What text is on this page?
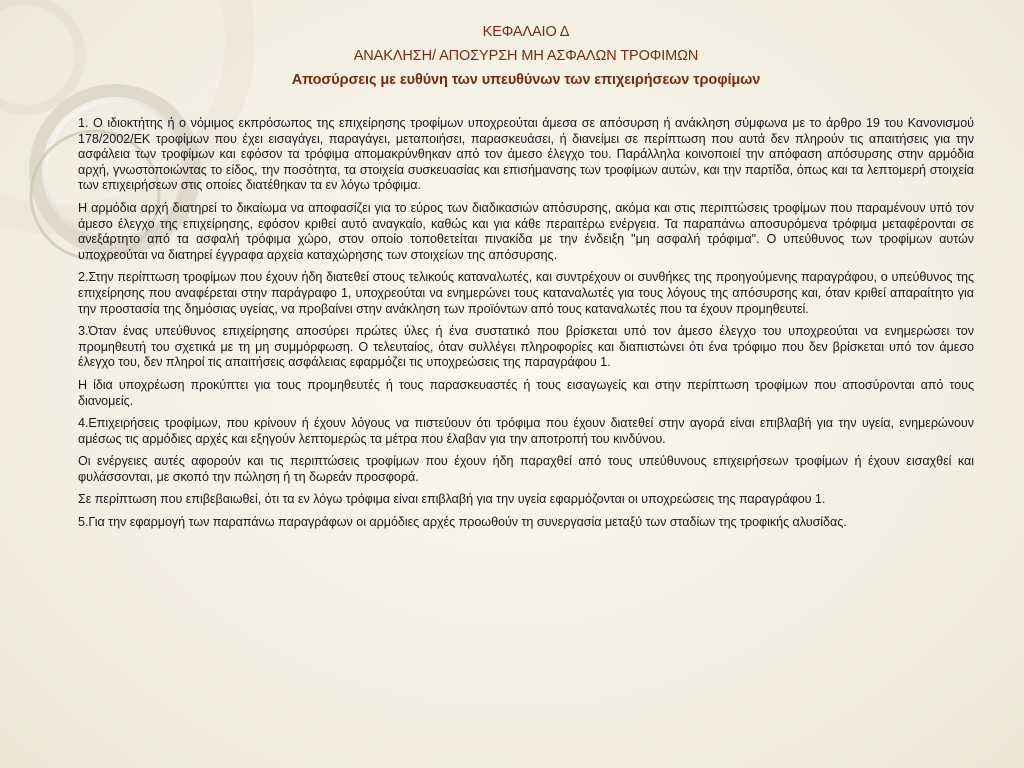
ΚΕΦΑΛΑΙΟ Δ
ΑΝΑΚΛΗΣΗ/ ΑΠΟΣΥΡΣΗ ΜΗ ΑΣΦΑΛΩΝ ΤΡΟΦΙΜΩΝ
Αποσύρσεις με ευθύνη των υπευθύνων των επιχειρήσεων τροφίμων

1. Ο ιδιοκτήτης ή ο νόμιμος εκπρόσωπος της επιχείρησης τροφίμων υποχρεούται άμεσα σε απόσυρση ή ανάκληση σύμφωνα με το άρθρο 19 του Κανονισμού 178/2002/ΕΚ τροφίμων που έχει εισαγάγει, παραγάγει, μεταποιήσει, παρασκευάσει, ή διανείμει σε περίπτωση που αυτά δεν πληρούν τις απαιτήσεις για την ασφάλεια των τροφίμων και εφόσον τα τρόφιμα απομακρύνθηκαν από τον άμεσο έλεγχο του. Παράλληλα κοινοποιεί την απόφαση απόσυρσης στην αρμόδια αρχή, γνωστοποιώντας το είδος, την ποσότητα, τα στοιχεία συσκευασίας και επισήμανσης των τροφίμων αυτών, και την παρτίδα, όπως και τα λεπτομερή στοιχεία των επιχειρήσεων στις οποίες διατέθηκαν τα εν λόγω τρόφιμα.

Η αρμόδια αρχή διατηρεί το δικαίωμα να αποφασίζει για το εύρος των διαδικασιών απόσυρσης, ακόμα και στις περιπτώσεις τροφίμων που παραμένουν υπό τον άμεσο έλεγχο της επιχείρησης, εφόσον κριθεί αυτό αναγκαίο, καθώς και για κάθε περαιτέρω ενέργεια. Τα παραπάνω αποσυρόμενα τρόφιμα μεταφέρονται σε ανεξάρτητο από τα ασφαλή τρόφιμα χώρο, στον οποίο τοποθετείται πινακίδα με την ένδειξη "μη ασφαλή τρόφιμα". Ο υπεύθυνος των τροφίμων αυτών υποχρεούται να διατηρεί έγγραφα αρχεία καταχώρησης των στοιχείων της απόσυρσης.

2.Στην περίπτωση τροφίμων που έχουν ήδη διατεθεί στους τελικούς καταναλωτές, και συντρέχουν οι συνθήκες της προηγούμενης παραγράφου, ο υπεύθυνος της επιχείρησης που αναφέρεται στην παράγραφο 1, υποχρεούται να ενημερώνει τους καταναλωτές για τους λόγους της απόσυρσης και, όταν κριθεί απαραίτητο για την προστασία της δημόσιας υγείας, να προβαίνει στην ανάκληση των προϊόντων από τους καταναλωτές που τα έχουν προμηθευτεί.

3.Όταν ένας υπεύθυνος επιχείρησης αποσύρει πρώτες ύλες ή ένα συστατικό που βρίσκεται υπό τον άμεσο έλεγχο του υποχρεούται να ενημερώσει τον προμηθευτή του σχετικά με τη μη συμμόρφωση. Ο τελευταίος, όταν συλλέγει πληροφορίες και διαπιστώνει ότι ένα τρόφιμο που δεν βρίσκεται υπό τον άμεσο έλεγχο του, δεν πληροί τις απαιτήσεις ασφάλειας εφαρμόζει τις υποχρεώσεις της παραγράφου 1.

Η ίδια υποχρέωση προκύπτει για τους προμηθευτές ή τους παρασκευαστές ή τους εισαγωγείς και στην περίπτωση τροφίμων που αποσύρονται από τους διανομείς.

4.Επιχειρήσεις τροφίμων, που κρίνουν ή έχουν λόγους να πιστεύουν ότι τρόφιμα που έχουν διατεθεί στην αγορά είναι επιβλαβή για την υγεία, ενημερώνουν αμέσως τις αρμόδιες αρχές και εξηγούν λεπτομερώς τα μέτρα που έλαβαν για την αποτροπή του κινδύνου.

Οι ενέργειες αυτές αφορούν και τις περιπτώσεις τροφίμων που έχουν ήδη παραχθεί από τους υπεύθυνους επιχειρήσεων τροφίμων ή έχουν εισαχθεί και φυλάσσονται, με σκοπό την πώληση ή τη δωρεάν προσφορά.

Σε περίπτωση που επιβεβαιωθεί, ότι τα εν λόγω τρόφιμα είναι επιβλαβή για την υγεία εφαρμόζονται οι υποχρεώσεις της παραγράφου 1.

5.Για την εφαρμογή των παραπάνω παραγράφων οι αρμόδιες αρχές προωθούν τη συνεργασία μεταξύ των σταδίων της τροφικής αλυσίδας.
